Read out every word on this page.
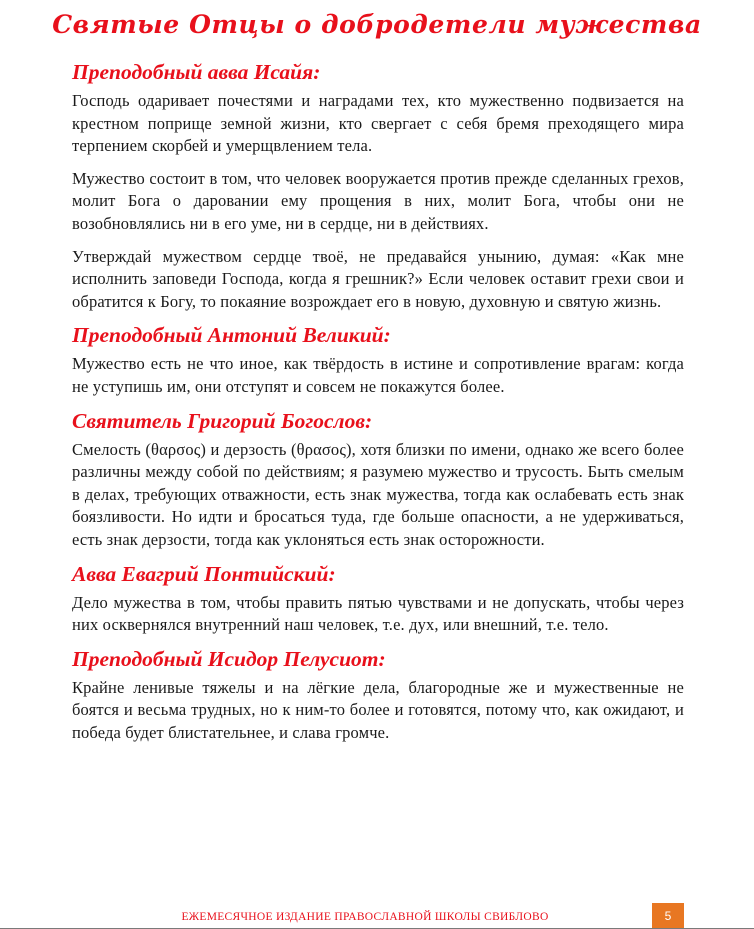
Святые Отцы о добродетели мужества
Преподобный авва Исайя:

Господь одаривает почестями и наградами тех, кто мужественно подвизается на крестном поприще земной жизни, кто свергает с себя бремя преходящего мира терпением скорбей и умерщвлением тела.

Мужество состоит в том, что человек вооружается против прежде сделанных грехов, молит Бога о даровании ему прощения в них, молит Бога, чтобы они не возобновлялись ни в его уме, ни в сердце, ни в действиях.

Утверждай мужеством сердце твоё, не предавайся унынию, думая: «Как мне исполнить заповеди Господа, когда я грешник?» Если человек оставит грехи свои и обратится к Богу, то покаяние возрождает его в новую, духовную и святую жизнь.

Преподобный Антоний Великий:

Мужество есть не что иное, как твёрдость в истине и сопротивление врагам: когда не уступишь им, они отступят и совсем не покажутся более.

Святитель Григорий Богослов:

Смелость (θαρσος) и дерзость (θρασος), хотя близки по имени, однако же всего более различны между собой по действиям; я разумею мужество и трусость. Быть смелым в делах, требующих отважности, есть знак мужества, тогда как ослабевать есть знак боязливости. Но идти и бросаться туда, где больше опасности, а не удерживаться, есть знак дерзости, тогда как уклоняться есть знак осторожности.

Авва Евагрий Понтийский:

Дело мужества в том, чтобы править пятью чувствами и не допускать, чтобы через них осквернялся внутренний наш человек, т.е. дух, или внешний, т.е. тело.

Преподобный Исидор Пелусиот:

Крайне ленивые тяжелы и на лёгкие дела, благородные же и мужественные не боятся и весьма трудных, но к ним-то более и готовятся, потому что, как ожидают, и победа будет блистательнее, и слава громче.

ЕЖЕМЕСЯЧНОЕ ИЗДАНИЕ ПРАВОСЛАВНОЙ ШКОЛЫ СВИБЛОВО	5
